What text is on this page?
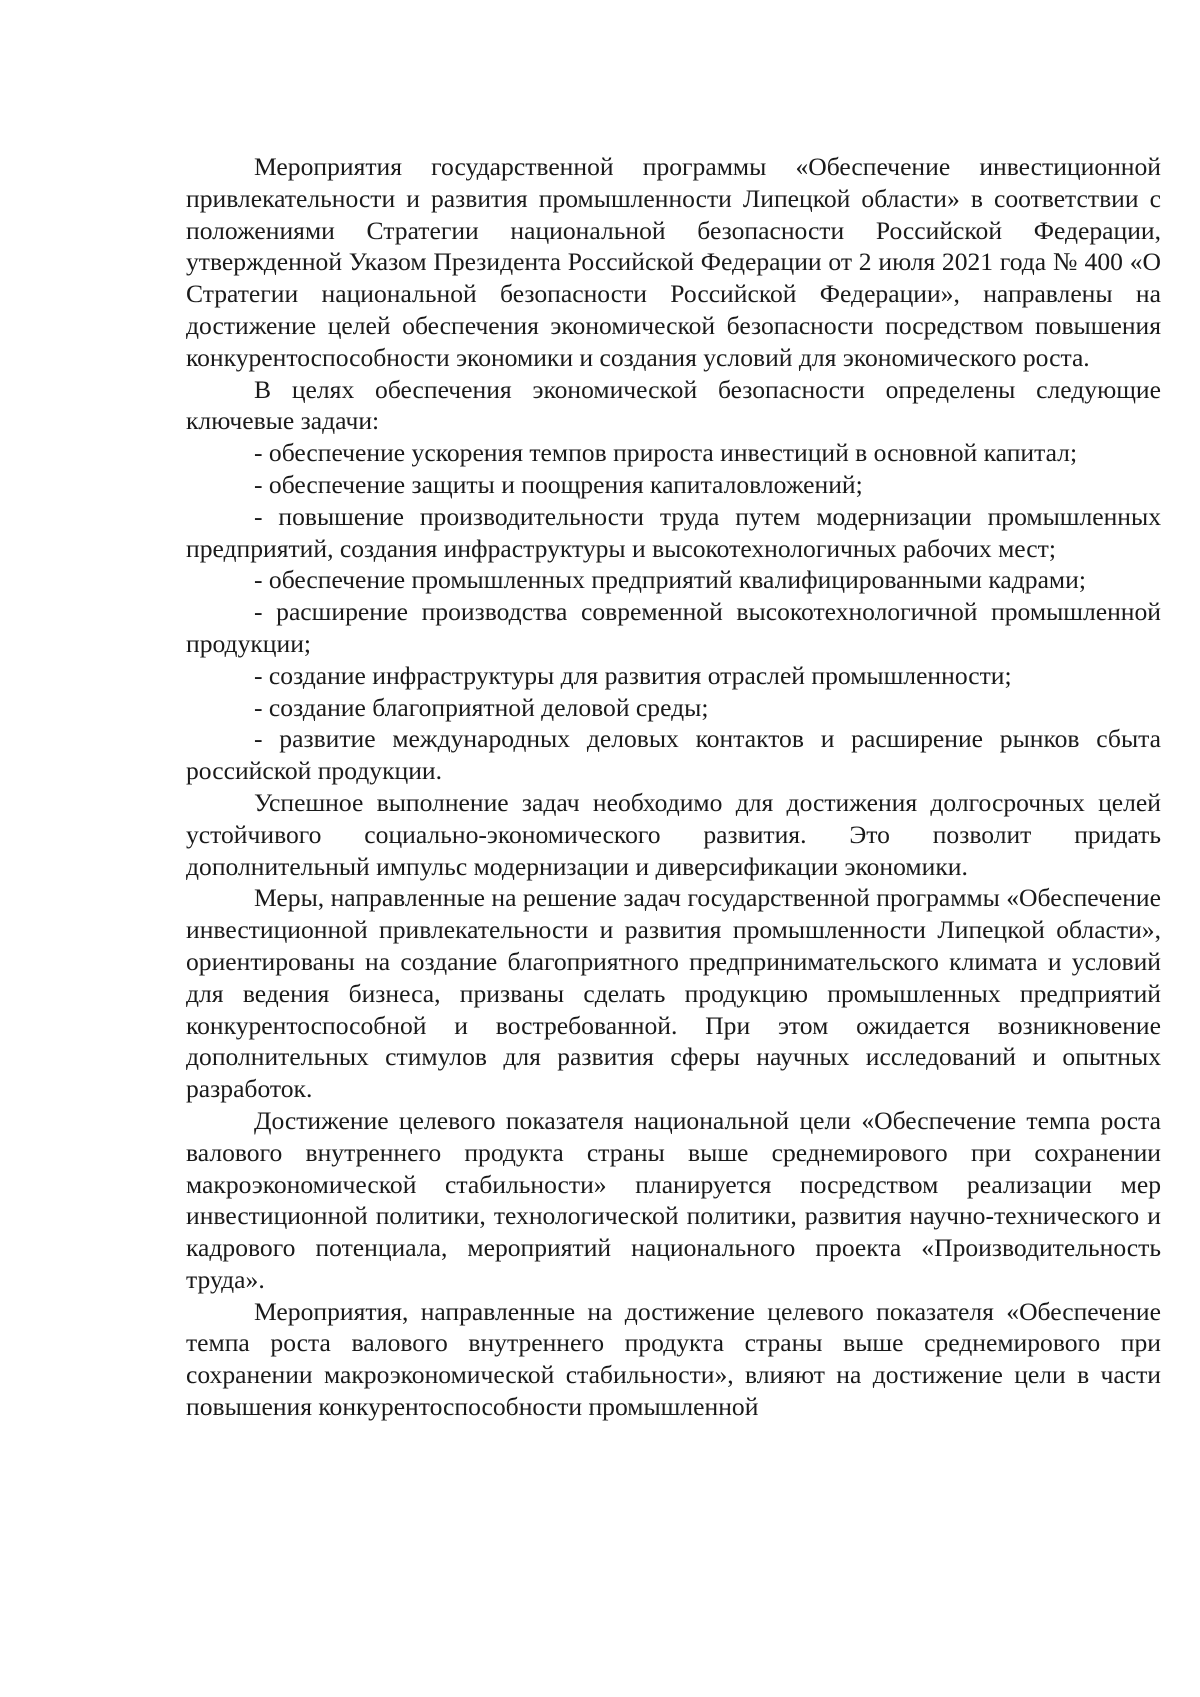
Мероприятия государственной программы «Обеспечение инвестиционной привлекательности и развития промышленности Липецкой области» в соответствии с положениями Стратегии национальной безопасности Российской Федерации, утвержденной Указом Президента Российской Федерации от 2 июля 2021 года № 400 «О Стратегии национальной безопасности Российской Федерации», направлены на достижение целей обеспечения экономической безопасности посредством повышения конкурентоспособности экономики и создания условий для экономического роста.

В целях обеспечения экономической безопасности определены следующие ключевые задачи:

- обеспечение ускорения темпов прироста инвестиций в основной капитал;

- обеспечение защиты и поощрения капиталовложений;

- повышение производительности труда путем модернизации промышленных предприятий, создания инфраструктуры и высокотехнологичных рабочих мест;

- обеспечение промышленных предприятий квалифицированными кадрами;

- расширение производства современной высокотехнологичной промышленной продукции;

- создание инфраструктуры для развития отраслей промышленности;

- создание благоприятной деловой среды;

- развитие международных деловых контактов и расширение рынков сбыта российской продукции.

Успешное выполнение задач необходимо для достижения долгосрочных целей устойчивого социально-экономического развития. Это позволит придать дополнительный импульс модернизации и диверсификации экономики.

Меры, направленные на решение задач государственной программы «Обеспечение инвестиционной привлекательности и развития промышленности Липецкой области», ориентированы на создание благоприятного предпринимательского климата и условий для ведения бизнеса, призваны сделать продукцию промышленных предприятий конкурентоспособной и востребованной. При этом ожидается возникновение дополнительных стимулов для развития сферы научных исследований и опытных разработок.

Достижение целевого показателя национальной цели «Обеспечение темпа роста валового внутреннего продукта страны выше среднемирового при сохранении макроэкономической стабильности» планируется посредством реализации мер инвестиционной политики, технологической политики, развития научно-технического и кадрового потенциала, мероприятий национального проекта «Производительность труда».

Мероприятия, направленные на достижение целевого показателя «Обеспечение темпа роста валового внутреннего продукта страны выше среднемирового при сохранении макроэкономической стабильности», влияют на достижение цели в части повышения конкурентоспособности промышленной
